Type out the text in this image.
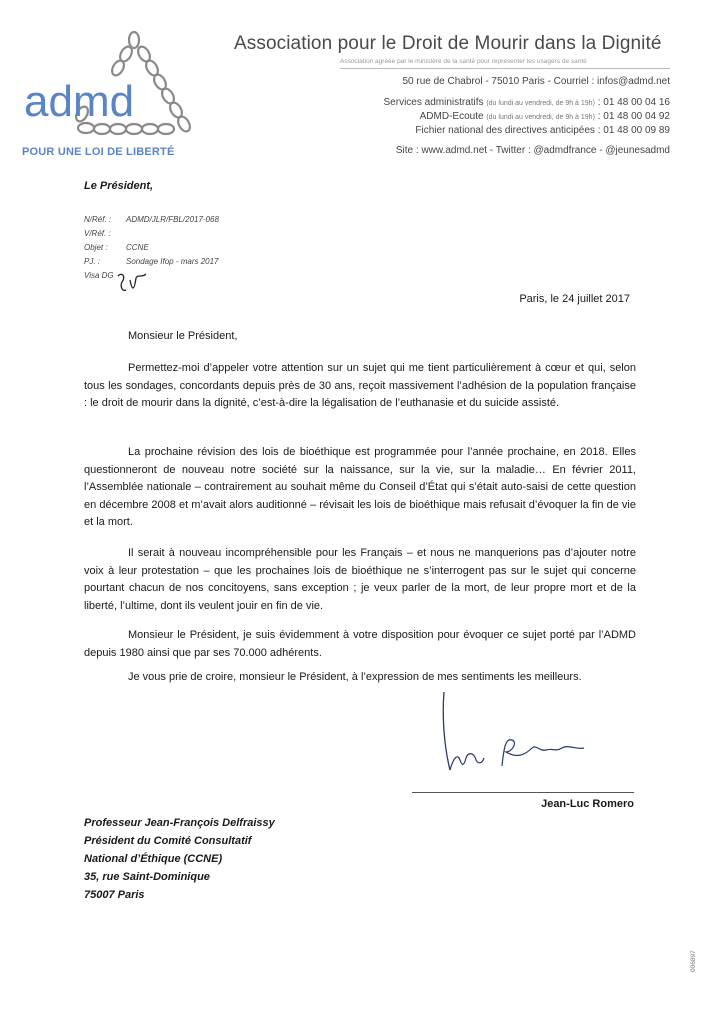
admd
POUR UNE LOI DE LIBERTÉ
Association pour le Droit de Mourir dans la Dignité
Association agréée par le ministère de la santé pour représenter les usagers de santé
50 rue de Chabrol - 75010 Paris - Courriel : infos@admd.net
Services administratifs (du lundi au vendredi, de 9h à 19h) : 01 48 00 04 16
ADMD-Ecoute (du lundi au vendredi, de 9h à 19h) : 01 48 00 04 92
Fichier national des directives anticipées : 01 48 00 09 89
Site : www.admd.net - Twitter : @admdfrance - @jeunesadmd
Le Président,
N/Réf. : ADMD/JLR/FBL/2017-068
V/Réf. :
Objet : CCNE
PJ. :	Sondage Ifop - mars 2017
Visa DG
Paris, le 24 juillet 2017
Monsieur le Président,

Permettez-moi d’appeler votre attention sur un sujet qui me tient particulièrement à cœur et qui, selon tous les sondages, concordants depuis près de 30 ans, reçoit massivement l’adhésion de la population française : le droit de mourir dans la dignité, c’est-à-dire la légalisation de l’euthanasie et du suicide assisté.

La prochaine révision des lois de bioéthique est programmée pour l’année prochaine, en 2018. Elles questionneront de nouveau notre société sur la naissance, sur la vie, sur la maladie… En février 2011, l’Assemblée nationale – contrairement au souhait même du Conseil d’État qui s’était auto-saisi de cette question en décembre 2008 et m’avait alors auditionné – révisait les lois de bioéthique mais refusait d’évoquer la fin de vie et la mort.

Il serait à nouveau incompréhensible pour les Français – et nous ne manquerions pas d’ajouter notre voix à leur protestation – que les prochaines lois de bioéthique ne s’interrogent pas sur le sujet qui concerne pourtant chacun de nos concitoyens, sans exception ; je veux parler de la mort, de leur propre mort et de la liberté, l’ultime, dont ils veulent jouir en fin de vie.

Monsieur le Président, je suis évidemment à votre disposition pour évoquer ce sujet porté par l’ADMD depuis 1980 ainsi que par ses 70.000 adhérents.

Je vous prie de croire, monsieur le Président, à l’expression de mes sentiments les meilleurs.
Jean-Luc Romero
Professeur Jean-François Delfraissy
Président du Comité Consultatif
National d’Éthique (CCNE)
35, rue Saint-Dominique
75007 Paris
006897
